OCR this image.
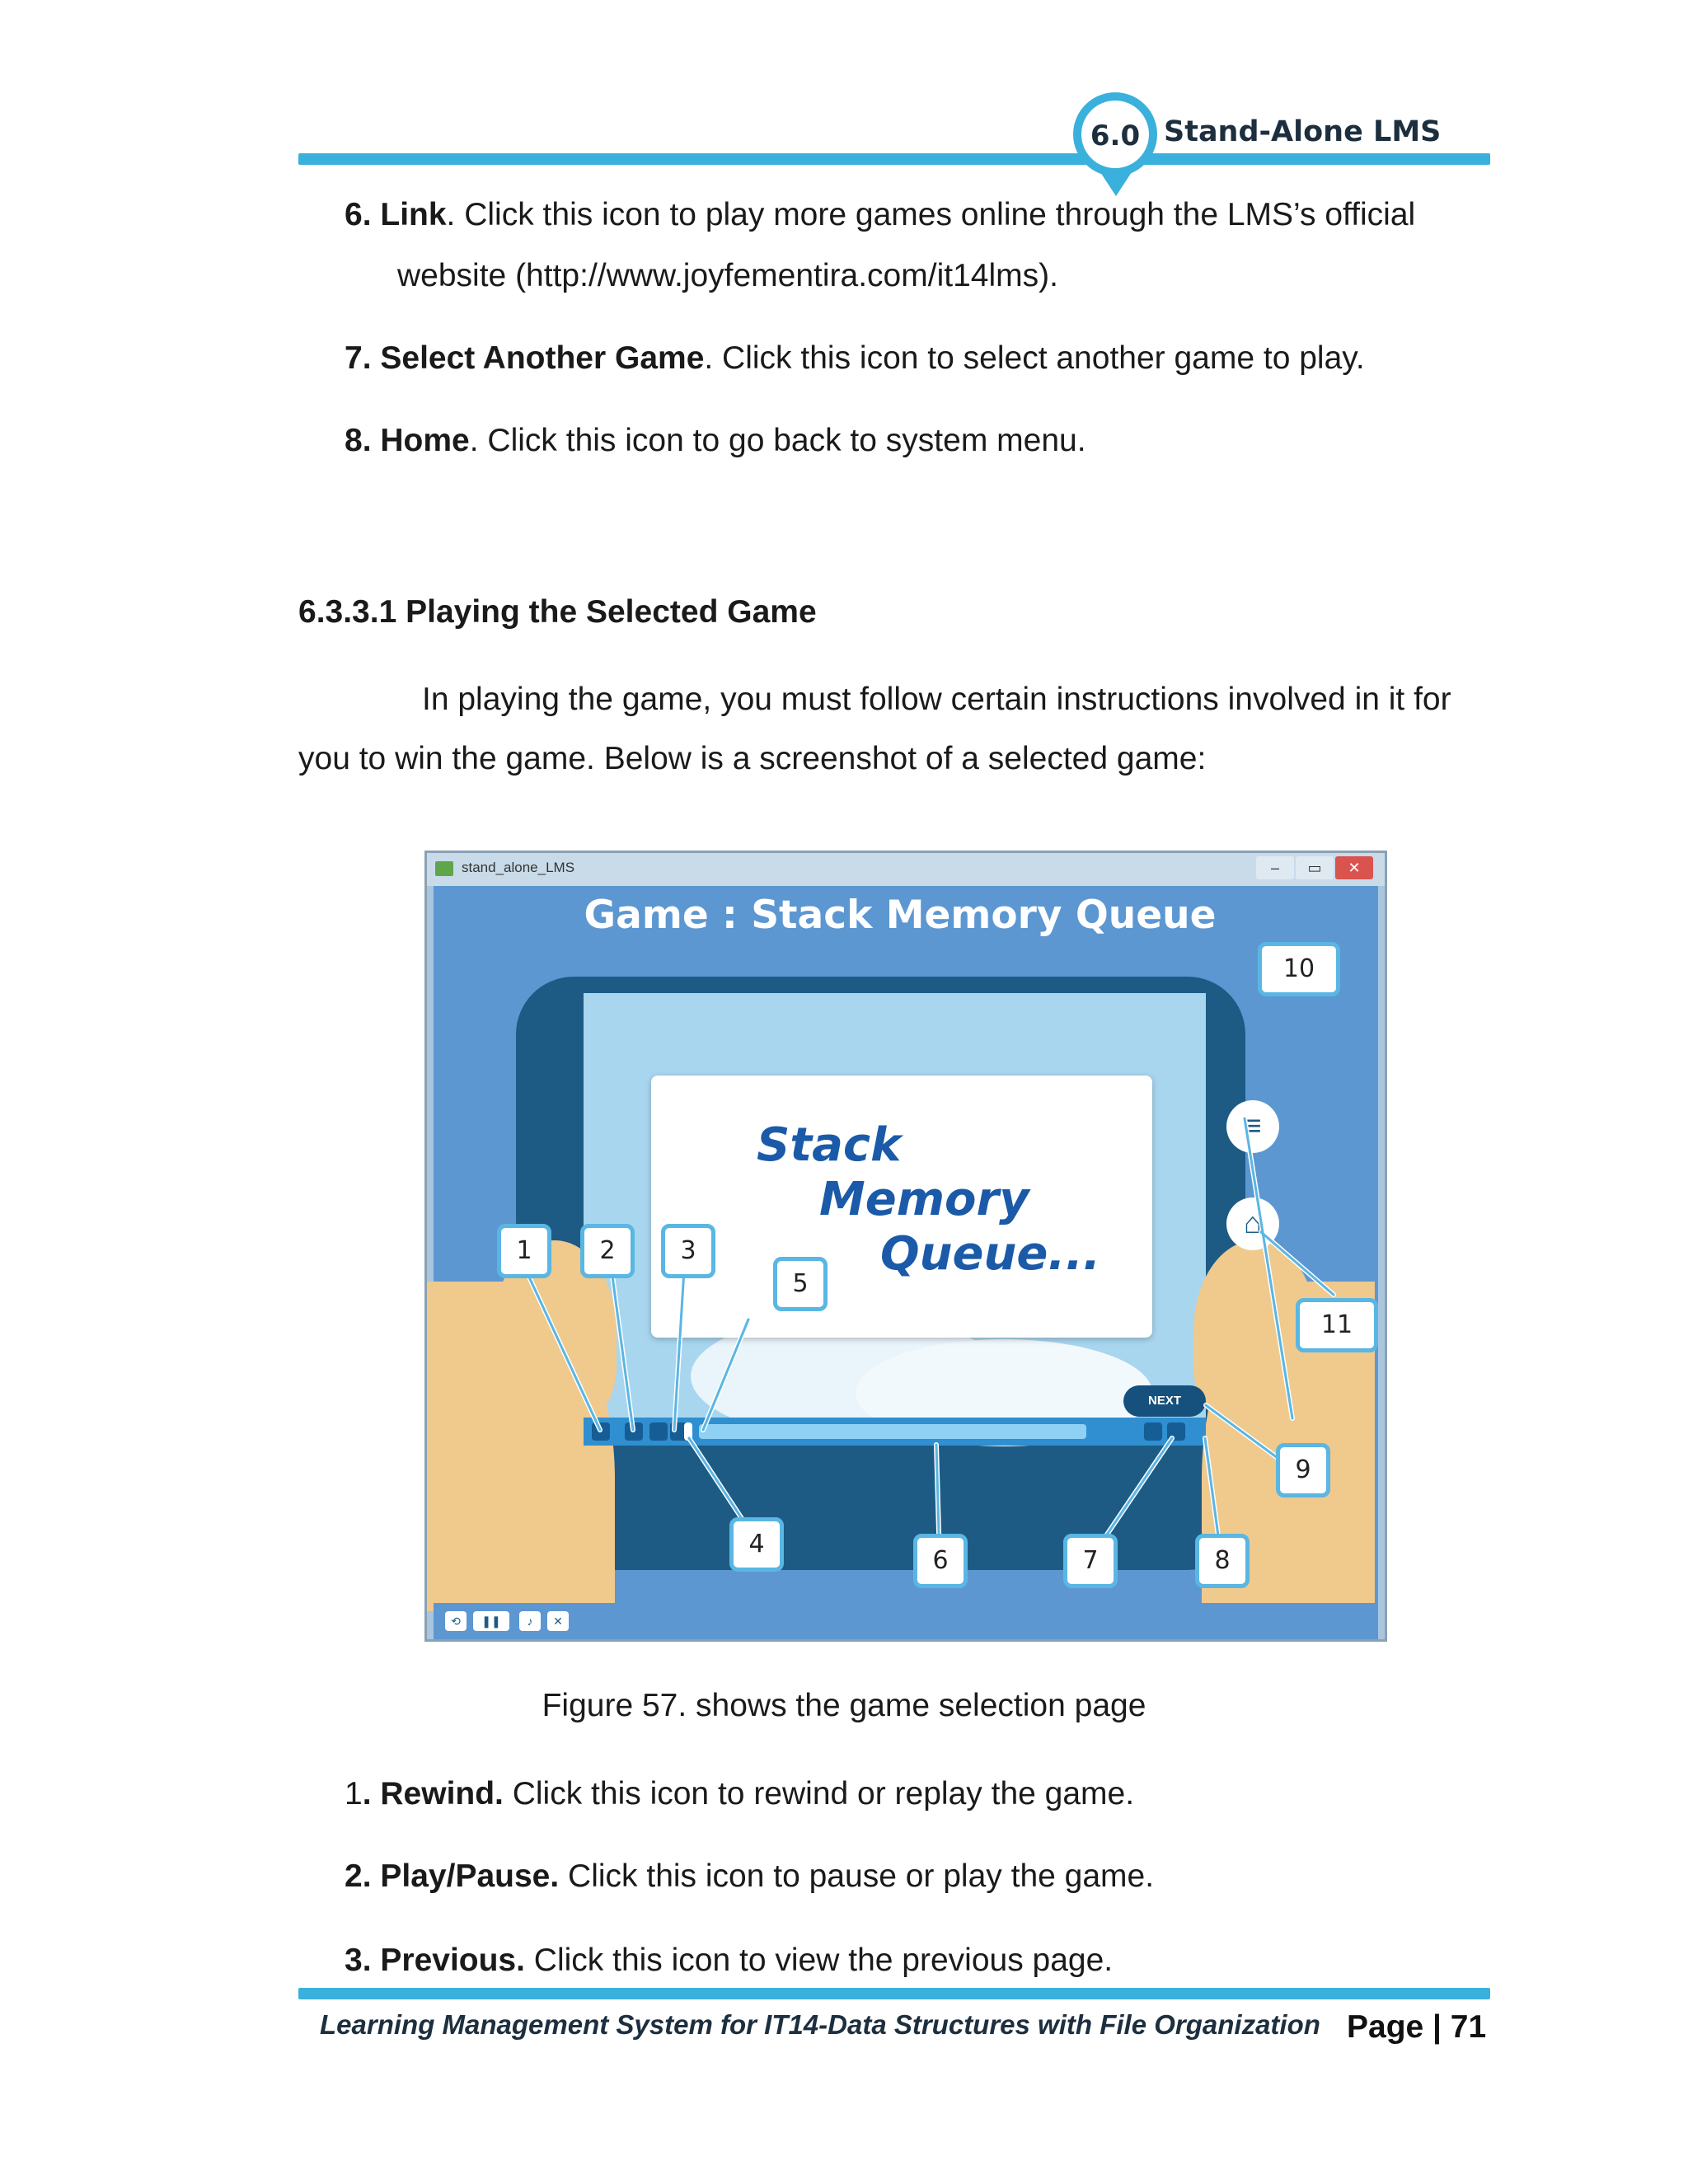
6.0 Stand-Alone LMS
6. Link. Click this icon to play more games online through the LMS’s official
website (http://www.joyfementira.com/it14lms).
7. Select Another Game. Click this icon to select another game to play.
8. Home. Click this icon to go back to system menu.
6.3.3.1 Playing the Selected Game
In playing the game, you must follow certain instructions involved in it for
you to win the game. Below is a screenshot of a selected game:
stand_alone_LMS	–	▭	✕
Game : Stack Memory Queue
Stack
Memory
Queue...
NEXT
≡
⌂
⟲	❚❚	♪	✕
1	2	3
4
5
6	7	8
9
10
11
Figure 57. shows the game selection page
1. Rewind. Click this icon to rewind or replay the game.
2. Play/Pause. Click this icon to pause or play the game.
3. Previous. Click this icon to view the previous page.
Learning Management System for IT14-Data Structures with File Organization Page | 71
